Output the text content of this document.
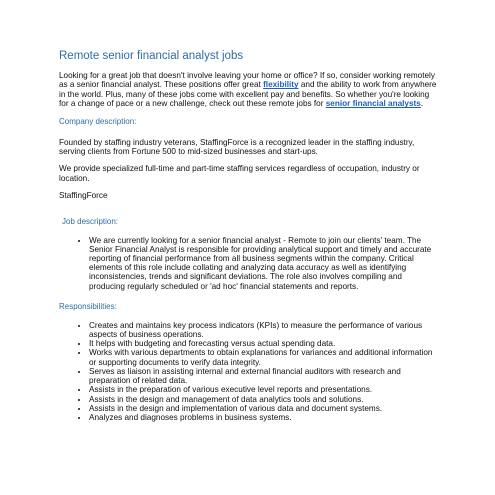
Remote senior financial analyst jobs

Looking for a great job that doesn't involve leaving your home or office? If so, consider working remotely as a senior financial analyst. These positions offer great flexibility and the ability to work from anywhere in the world. Plus, many of these jobs come with excellent pay and benefits. So whether you're looking for a change of pace or a new challenge, check out these remote jobs for senior financial analysts.

Company description:

Founded by staffing industry veterans, StaffingForce is a recognized leader in the staffing industry, serving clients from Fortune 500 to mid-sized businesses and start-ups.

We provide specialized full-time and part-time staffing services regardless of occupation, industry or location.

StaffingForce

Job description:
• We are currently looking for a senior financial analyst - Remote to join our clients' team. The Senior Financial Analyst is responsible for providing analytical support and timely and accurate reporting of financial performance from all business segments within the company. Critical elements of this role include collating and analyzing data accuracy as well as identifying inconsistencies, trends and significant deviations. The role also involves compiling and producing regularly scheduled or 'ad hoc' financial statements and reports.
Responsibilities:
• Creates and maintains key process indicators (KPIs) to measure the performance of various aspects of business operations.
• It helps with budgeting and forecasting versus actual spending data.
• Works with various departments to obtain explanations for variances and additional information or supporting documents to verify data integrity.
• Serves as liaison in assisting internal and external financial auditors with research and preparation of related data.
• Assists in the preparation of various executive level reports and presentations.
• Assists in the design and management of data analytics tools and solutions.
• Assists in the design and implementation of various data and document systems.
• Analyzes and diagnoses problems in business systems.
